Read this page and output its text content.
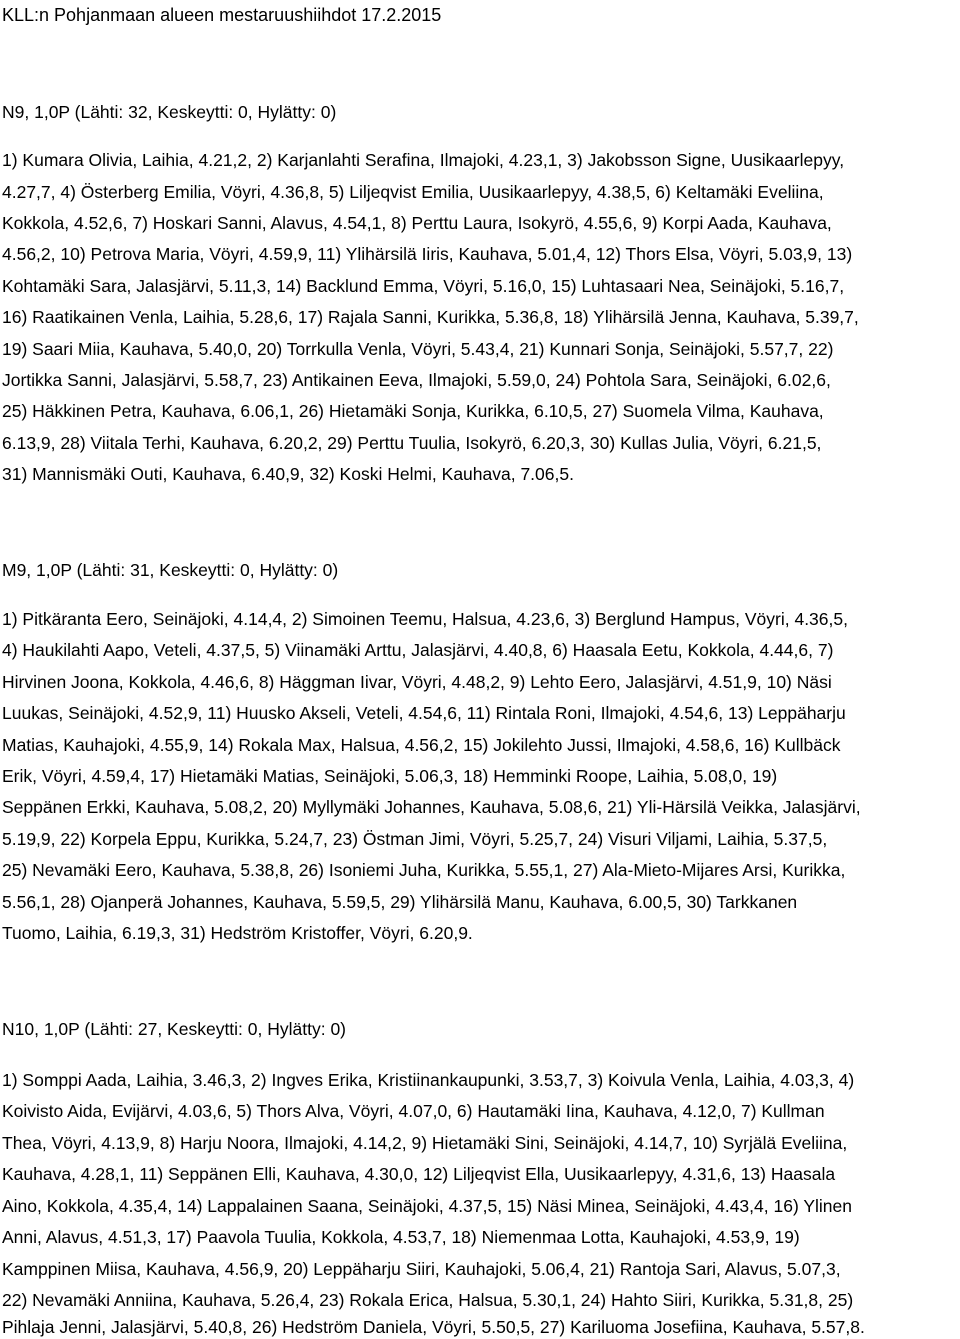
KLL:n Pohjanmaan alueen mestaruushiihdot 17.2.2015

N9, 1,0P (Lähti: 32, Keskeytti: 0, Hylätty: 0)

1) Kumara Olivia, Laihia, 4.21,2, 2) Karjanlahti Serafina, Ilmajoki, 4.23,1, 3) Jakobsson Signe, Uusikaarlepyy,

4.27,7, 4) Österberg Emilia, Vöyri, 4.36,8, 5) Liljeqvist Emilia, Uusikaarlepyy, 4.38,5, 6) Keltamäki Eveliina,

Kokkola, 4.52,6, 7) Hoskari Sanni, Alavus, 4.54,1, 8) Perttu Laura, Isokyrö, 4.55,6, 9) Korpi Aada, Kauhava,

4.56,2, 10) Petrova Maria, Vöyri, 4.59,9, 11) Ylihärsilä Iiris, Kauhava, 5.01,4, 12) Thors Elsa, Vöyri, 5.03,9, 13)

Kohtamäki Sara, Jalasjärvi, 5.11,3, 14) Backlund Emma, Vöyri, 5.16,0, 15) Luhtasaari Nea, Seinäjoki, 5.16,7,

16) Raatikainen Venla, Laihia, 5.28,6, 17) Rajala Sanni, Kurikka, 5.36,8, 18) Ylihärsilä Jenna, Kauhava, 5.39,7,

19) Saari Miia, Kauhava, 5.40,0, 20) Torrkulla Venla, Vöyri, 5.43,4, 21) Kunnari Sonja, Seinäjoki, 5.57,7, 22)

Jortikka Sanni, Jalasjärvi, 5.58,7, 23) Antikainen Eeva, Ilmajoki, 5.59,0, 24) Pohtola Sara, Seinäjoki, 6.02,6,

25) Häkkinen Petra, Kauhava, 6.06,1, 26) Hietamäki Sonja, Kurikka, 6.10,5, 27) Suomela Vilma, Kauhava,

6.13,9, 28) Viitala Terhi, Kauhava, 6.20,2, 29) Perttu Tuulia, Isokyrö, 6.20,3, 30) Kullas Julia, Vöyri, 6.21,5,

31) Mannismäki Outi, Kauhava, 6.40,9, 32) Koski Helmi, Kauhava, 7.06,5.

M9, 1,0P (Lähti: 31, Keskeytti: 0, Hylätty: 0)

1) Pitkäranta Eero, Seinäjoki, 4.14,4, 2) Simoinen Teemu, Halsua, 4.23,6, 3) Berglund Hampus, Vöyri, 4.36,5,

4) Haukilahti Aapo, Veteli, 4.37,5, 5) Viinamäki Arttu, Jalasjärvi, 4.40,8, 6) Haasala Eetu, Kokkola, 4.44,6, 7)

Hirvinen Joona, Kokkola, 4.46,6, 8) Häggman Iivar, Vöyri, 4.48,2, 9) Lehto Eero, Jalasjärvi, 4.51,9, 10) Näsi

Luukas, Seinäjoki, 4.52,9, 11) Huusko Akseli, Veteli, 4.54,6, 11) Rintala Roni, Ilmajoki, 4.54,6, 13) Leppäharju

Matias, Kauhajoki, 4.55,9, 14) Rokala Max, Halsua, 4.56,2, 15) Jokilehto Jussi, Ilmajoki, 4.58,6, 16) Kullbäck

Erik, Vöyri, 4.59,4, 17) Hietamäki Matias, Seinäjoki, 5.06,3, 18) Hemminki Roope, Laihia, 5.08,0, 19)

Seppänen Erkki, Kauhava, 5.08,2, 20) Myllymäki Johannes, Kauhava, 5.08,6, 21) Yli-Härsilä Veikka, Jalasjärvi,

5.19,9, 22) Korpela Eppu, Kurikka, 5.24,7, 23) Östman Jimi, Vöyri, 5.25,7, 24) Visuri Viljami, Laihia, 5.37,5,

25) Nevamäki Eero, Kauhava, 5.38,8, 26) Isoniemi Juha, Kurikka, 5.55,1, 27) Ala-Mieto-Mijares Arsi, Kurikka,

5.56,1, 28) Ojanperä Johannes, Kauhava, 5.59,5, 29) Ylihärsilä Manu, Kauhava, 6.00,5, 30) Tarkkanen

Tuomo, Laihia, 6.19,3, 31) Hedström Kristoffer, Vöyri, 6.20,9.

N10, 1,0P (Lähti: 27, Keskeytti: 0, Hylätty: 0)

1) Somppi Aada, Laihia, 3.46,3, 2) Ingves Erika, Kristiinankaupunki, 3.53,7, 3) Koivula Venla, Laihia, 4.03,3, 4)

Koivisto Aida, Evijärvi, 4.03,6, 5) Thors Alva, Vöyri, 4.07,0, 6) Hautamäki Iina, Kauhava, 4.12,0, 7) Kullman

Thea, Vöyri, 4.13,9, 8) Harju Noora, Ilmajoki, 4.14,2, 9) Hietamäki Sini, Seinäjoki, 4.14,7, 10) Syrjälä Eveliina,

Kauhava, 4.28,1, 11) Seppänen Elli, Kauhava, 4.30,0, 12) Liljeqvist Ella, Uusikaarlepyy, 4.31,6, 13) Haasala

Aino, Kokkola, 4.35,4, 14) Lappalainen Saana, Seinäjoki, 4.37,5, 15) Näsi Minea, Seinäjoki, 4.43,4, 16) Ylinen

Anni, Alavus, 4.51,3, 17) Paavola Tuulia, Kokkola, 4.53,7, 18) Niemenmaa Lotta, Kauhajoki, 4.53,9, 19)

Kamppinen Miisa, Kauhava, 4.56,9, 20) Leppäharju Siiri, Kauhajoki, 5.06,4, 21) Rantoja Sari, Alavus, 5.07,3,

22) Nevamäki Anniina, Kauhava, 5.26,4, 23) Rokala Erica, Halsua, 5.30,1, 24) Hahto Siiri, Kurikka, 5.31,8, 25)

Pihlaja Jenni, Jalasjärvi, 5.40,8, 26) Hedström Daniela, Vöyri, 5.50,5, 27) Kariluoma Josefiina, Kauhava, 5.57,8.
